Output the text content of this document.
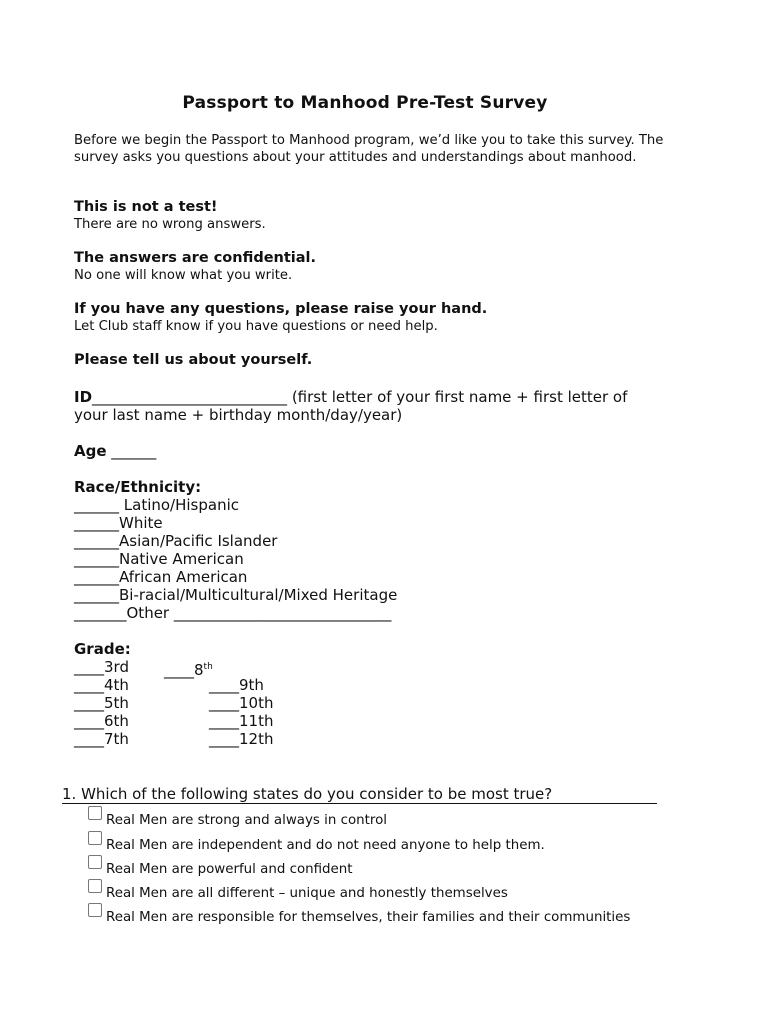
Passport to Manhood Pre-Test Survey
Before we begin the Passport to Manhood program, we’d like you to take this survey. The survey asks you questions about your attitudes and understandings about manhood.
This is not a test!
There are no wrong answers.
The answers are confidential.
No one will know what you write.
If you have any questions, please raise your hand.
Let Club staff know if you have questions or need help.
Please tell us about yourself.
ID__________________________ (first letter of your first name + first letter of
your last name + birthday month/day/year)
Age ______
Race/Ethnicity:
______ Latino/Hispanic
______White
______Asian/Pacific Islander
______Native American
______African American
______Bi-racial/Multicultural/Mixed Heritage
_______Other _____________________________
Grade:
____3rd
____4th
____5th
____6th
____7th
____8th
____9th
____10th
____11th
____12th
1. Which of the following states do you consider to be most true?
Real Men are strong and always in control
Real Men are independent and do not need anyone to help them.
Real Men are powerful and confident
Real Men are all different – unique and honestly themselves
Real Men are responsible for themselves, their families and their communities
